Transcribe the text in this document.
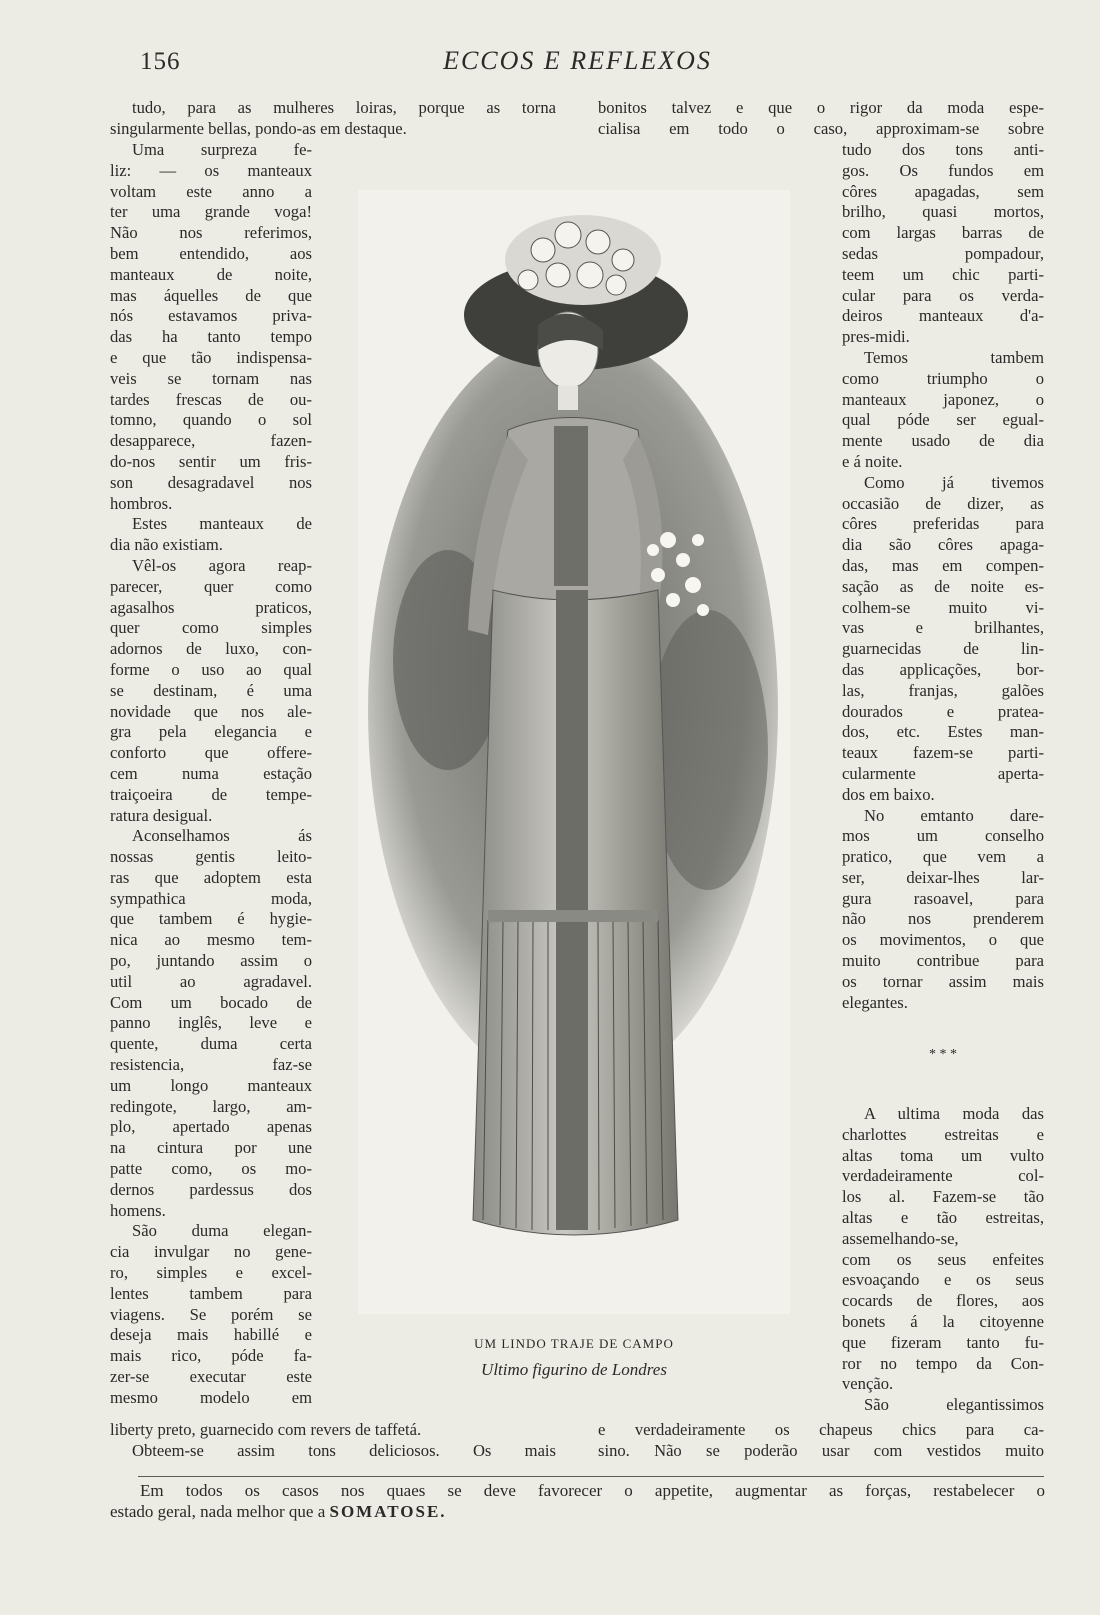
156	ECCOS E REFLEXOS
tudo, para as mulheres loiras, porque as torna
singularmente bellas, pondo-as em destaque.
Uma surpreza fe-
liz: — os manteaux
voltam este anno a
ter uma grande voga!
Não nos referimos,
bem entendido, aos
manteaux de noite,
mas áquelles de que
nós estavamos priva-
das ha tanto tempo
e que tão indispensa-
veis se tornam nas
tardes frescas de ou-
tomno, quando o sol
desapparece, fazen-
do-nos sentir um fris-
son desagradavel nos
hombros.
Estes manteaux de
dia não existiam.
Vêl-os agora reap-
parecer, quer como
agasalhos praticos,
quer como simples
adornos de luxo, con-
forme o uso ao qual
se destinam, é uma
novidade que nos ale-
gra pela elegancia e
conforto que offere-
cem numa estação
traiçoeira de tempe-
ratura desigual.
Aconselhamos ás
nossas gentis leito-
ras que adoptem esta
sympathica moda,
que tambem é hygie-
nica ao mesmo tem-
po, juntando assim o
util ao agradavel.
Com um bocado de
panno inglês, leve e
quente, duma certa
resistencia, faz-se
um longo manteaux
redingote, largo, am-
plo, apertado apenas
na cintura por une
patte como, os mo-
dernos pardessus dos
homens.
São duma elegan-
cia invulgar no gene-
ro, simples e excel-
lentes tambem para
viagens. Se porém se
deseja mais habillé e
mais rico, póde fa-
zer-se executar este
mesmo modelo em
liberty preto, guarnecido com revers de taffetá.
Obteem-se assim tons deliciosos. Os mais
bonitos talvez e que o rigor da moda espe-
cialisa em todo o caso, approximam-se sobre
tudo dos tons anti-
gos. Os fundos em
côres apagadas, sem
brilho, quasi mortos,
com largas barras de
sedas pompadour,
teem um chic parti-
cular para os verda-
deiros manteaux d'a-
pres-midi.
Temos tambem
como triumpho o
manteaux japonez, o
qual póde ser egual-
mente usado de dia
e á noite.
Como já tivemos
occasião de dizer, as
côres preferidas para
dia são côres apaga-
das, mas em compen-
sação as de noite es-
colhem-se muito vi-
vas e brilhantes,
guarnecidas de lin-
das applicações, bor-
las, franjas, galões
dourados e pratea-
dos, etc. Estes man-
teaux fazem-se parti-
cularmente aperta-
dos em baixo.
No emtanto dare-
mos um conselho
pratico, que vem a
ser, deixar-lhes lar-
gura rasoavel, para
não nos prenderem
os movimentos, o que
muito contribue para
os tornar assim mais
elegantes.
* * *
A ultima moda das
charlottes estreitas e
altas toma um vulto
verdadeiramente col-
los al. Fazem-se tão
altas e tão estreitas,
assemelhando-se,
com os seus enfeites
esvoaçando e os seus
cocards de flores, aos
bonets á la citoyenne
que fizeram tanto fu-
ror no tempo da Con-
venção.
São elegantissimos
e verdadeiramente os chapeus chics para ca-
sino. Não se poderão usar com vestidos muito
UM LINDO TRAJE DE CAMPO
Ultimo figurino de Londres
Em todos os casos nos quaes se deve favorecer o appetite, augmentar as forças, restabelecer o
estado geral, nada melhor que a SOMATOSE.
